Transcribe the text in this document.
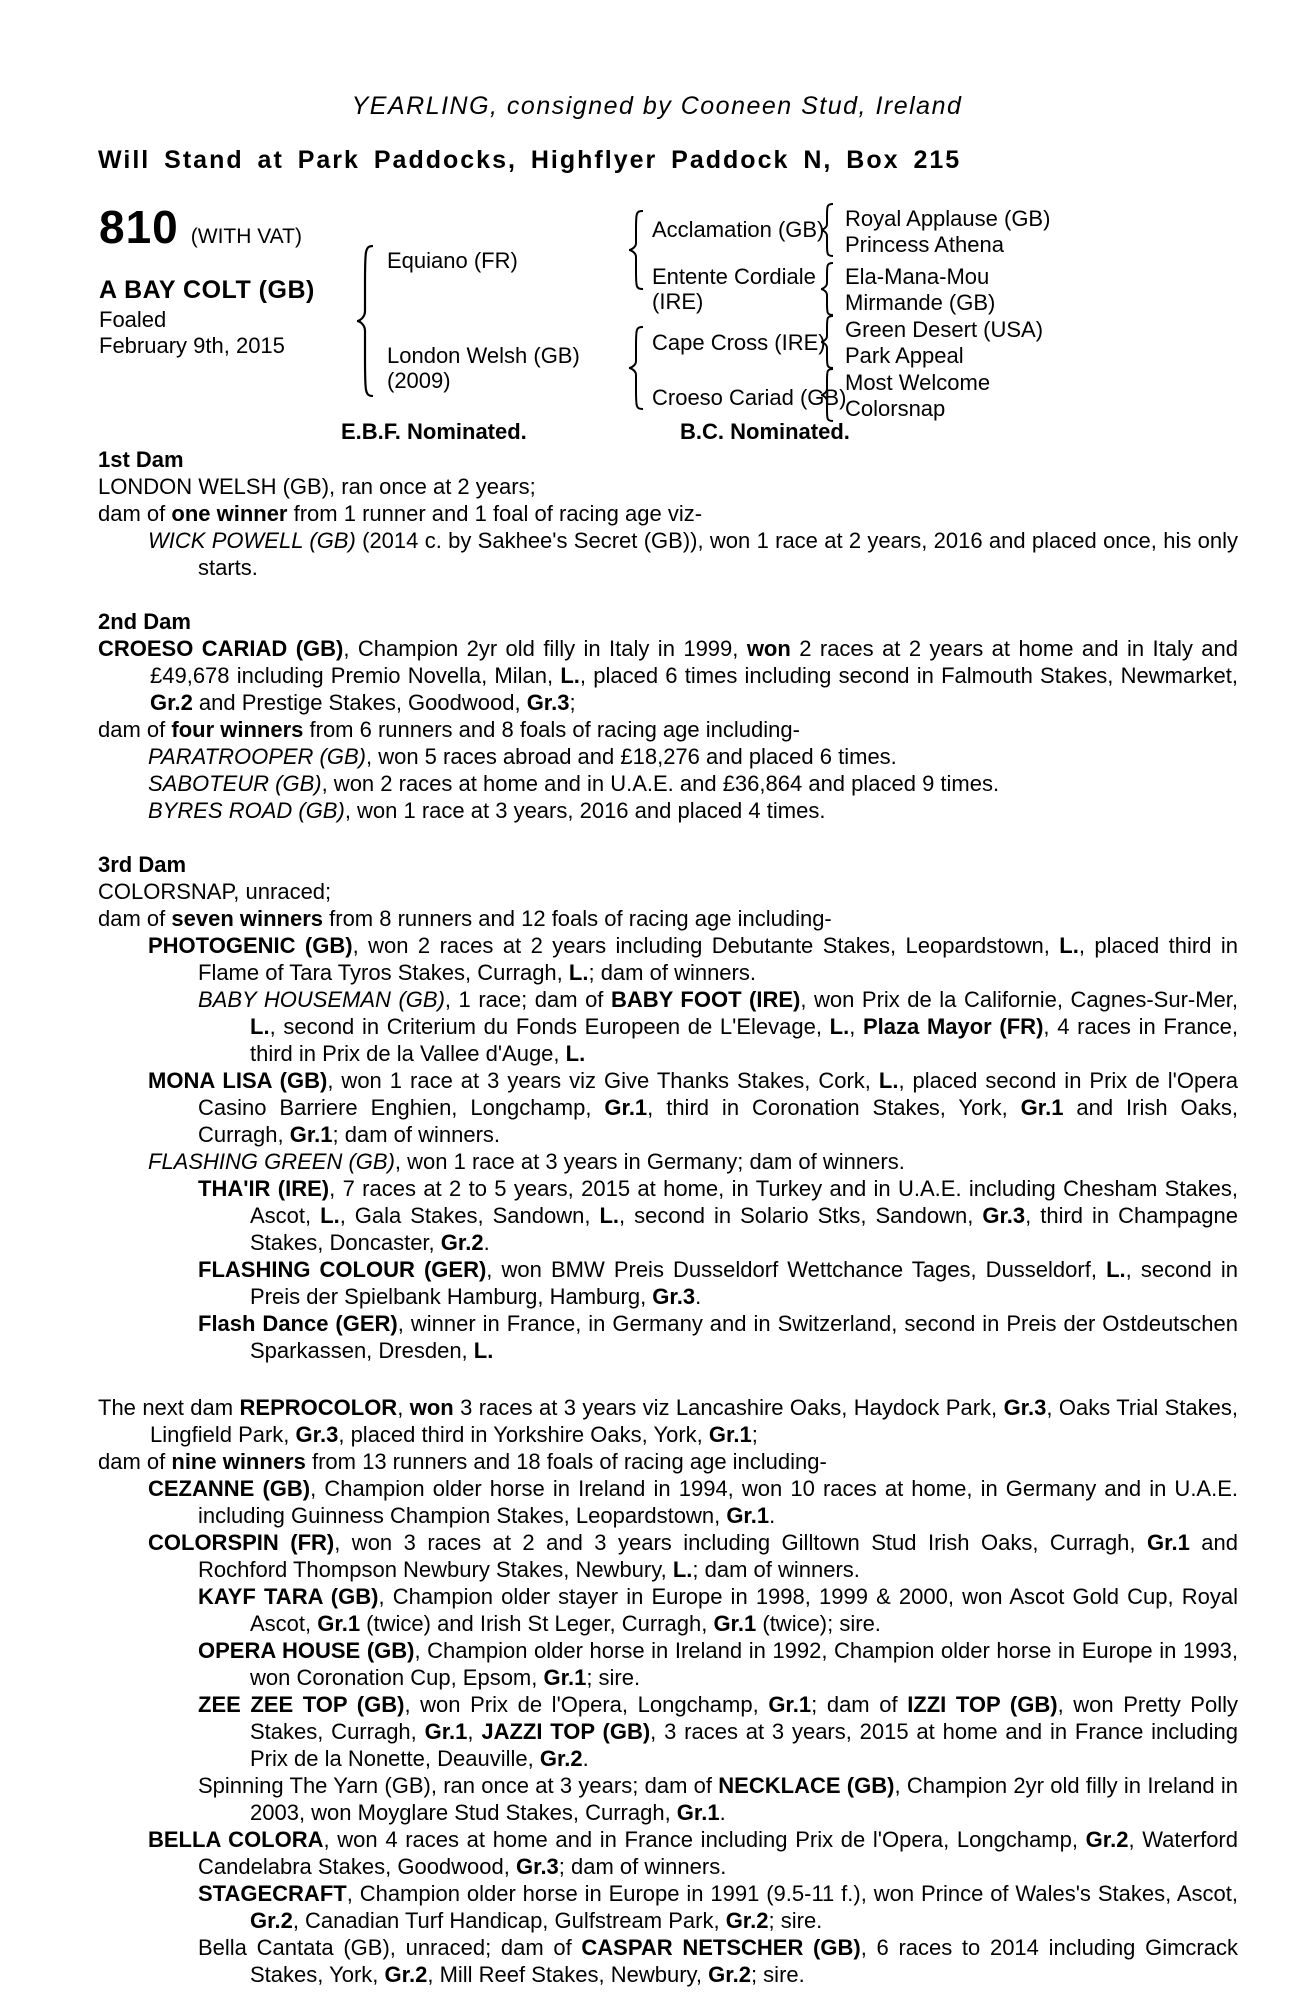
YEARLING, consigned by Cooneen Stud, Ireland
Will Stand at Park Paddocks, Highflyer Paddock N, Box 215
810 (WITH VAT)
A BAY COLT (GB)
Foaled
February 9th, 2015
Equiano (FR)
London Welsh (GB)
(2009)
Acclamation (GB)
Entente Cordiale
(IRE)
Cape Cross (IRE)
Croeso Cariad (GB)
Royal Applause (GB)
Princess Athena
Ela-Mana-Mou
Mirmande (GB)
Green Desert (USA)
Park Appeal
Most Welcome
Colorsnap
E.B.F. Nominated.	B.C. Nominated.
1st Dam

LONDON WELSH (GB), ran once at 2 years;

dam of one winner from 1 runner and 1 foal of racing age viz-

WICK POWELL (GB) (2014 c. by Sakhee's Secret (GB)), won 1 race at 2 years, 2016 and placed once, his only starts.

2nd Dam

CROESO CARIAD (GB), Champion 2yr old filly in Italy in 1999, won 2 races at 2 years at home and in Italy and £49,678 including Premio Novella, Milan, L., placed 6 times including second in Falmouth Stakes, Newmarket, Gr.2 and Prestige Stakes, Goodwood, Gr.3;

dam of four winners from 6 runners and 8 foals of racing age including-

PARATROOPER (GB), won 5 races abroad and £18,276 and placed 6 times.

SABOTEUR (GB), won 2 races at home and in U.A.E. and £36,864 and placed 9 times.

BYRES ROAD (GB), won 1 race at 3 years, 2016 and placed 4 times.

3rd Dam

COLORSNAP, unraced;

dam of seven winners from 8 runners and 12 foals of racing age including-

PHOTOGENIC (GB), won 2 races at 2 years including Debutante Stakes, Leopardstown, L., placed third in Flame of Tara Tyros Stakes, Curragh, L.; dam of winners.

BABY HOUSEMAN (GB), 1 race; dam of BABY FOOT (IRE), won Prix de la Californie, Cagnes-Sur-Mer, L., second in Criterium du Fonds Europeen de L'Elevage, L., Plaza Mayor (FR), 4 races in France, third in Prix de la Vallee d'Auge, L.

MONA LISA (GB), won 1 race at 3 years viz Give Thanks Stakes, Cork, L., placed second in Prix de l'Opera Casino Barriere Enghien, Longchamp, Gr.1, third in Coronation Stakes, York, Gr.1 and Irish Oaks, Curragh, Gr.1; dam of winners.

FLASHING GREEN (GB), won 1 race at 3 years in Germany; dam of winners.

THA'IR (IRE), 7 races at 2 to 5 years, 2015 at home, in Turkey and in U.A.E. including Chesham Stakes, Ascot, L., Gala Stakes, Sandown, L., second in Solario Stks, Sandown, Gr.3, third in Champagne Stakes, Doncaster, Gr.2.

FLASHING COLOUR (GER), won BMW Preis Dusseldorf Wettchance Tages, Dusseldorf, L., second in Preis der Spielbank Hamburg, Hamburg, Gr.3.

Flash Dance (GER), winner in France, in Germany and in Switzerland, second in Preis der Ostdeutschen Sparkassen, Dresden, L.

The next dam REPROCOLOR, won 3 races at 3 years viz Lancashire Oaks, Haydock Park, Gr.3, Oaks Trial Stakes, Lingfield Park, Gr.3, placed third in Yorkshire Oaks, York, Gr.1;

dam of nine winners from 13 runners and 18 foals of racing age including-

CEZANNE (GB), Champion older horse in Ireland in 1994, won 10 races at home, in Germany and in U.A.E. including Guinness Champion Stakes, Leopardstown, Gr.1.

COLORSPIN (FR), won 3 races at 2 and 3 years including Gilltown Stud Irish Oaks, Curragh, Gr.1 and Rochford Thompson Newbury Stakes, Newbury, L.; dam of winners.

KAYF TARA (GB), Champion older stayer in Europe in 1998, 1999 & 2000, won Ascot Gold Cup, Royal Ascot, Gr.1 (twice) and Irish St Leger, Curragh, Gr.1 (twice); sire.

OPERA HOUSE (GB), Champion older horse in Ireland in 1992, Champion older horse in Europe in 1993, won Coronation Cup, Epsom, Gr.1; sire.

ZEE ZEE TOP (GB), won Prix de l'Opera, Longchamp, Gr.1; dam of IZZI TOP (GB), won Pretty Polly Stakes, Curragh, Gr.1, JAZZI TOP (GB), 3 races at 3 years, 2015 at home and in France including Prix de la Nonette, Deauville, Gr.2.

Spinning The Yarn (GB), ran once at 3 years; dam of NECKLACE (GB), Champion 2yr old filly in Ireland in 2003, won Moyglare Stud Stakes, Curragh, Gr.1.

BELLA COLORA, won 4 races at home and in France including Prix de l'Opera, Longchamp, Gr.2, Waterford Candelabra Stakes, Goodwood, Gr.3; dam of winners.

STAGECRAFT, Champion older horse in Europe in 1991 (9.5-11 f.), won Prince of Wales's Stakes, Ascot, Gr.2, Canadian Turf Handicap, Gulfstream Park, Gr.2; sire.

Bella Cantata (GB), unraced; dam of CASPAR NETSCHER (GB), 6 races to 2014 including Gimcrack Stakes, York, Gr.2, Mill Reef Stakes, Newbury, Gr.2; sire.
